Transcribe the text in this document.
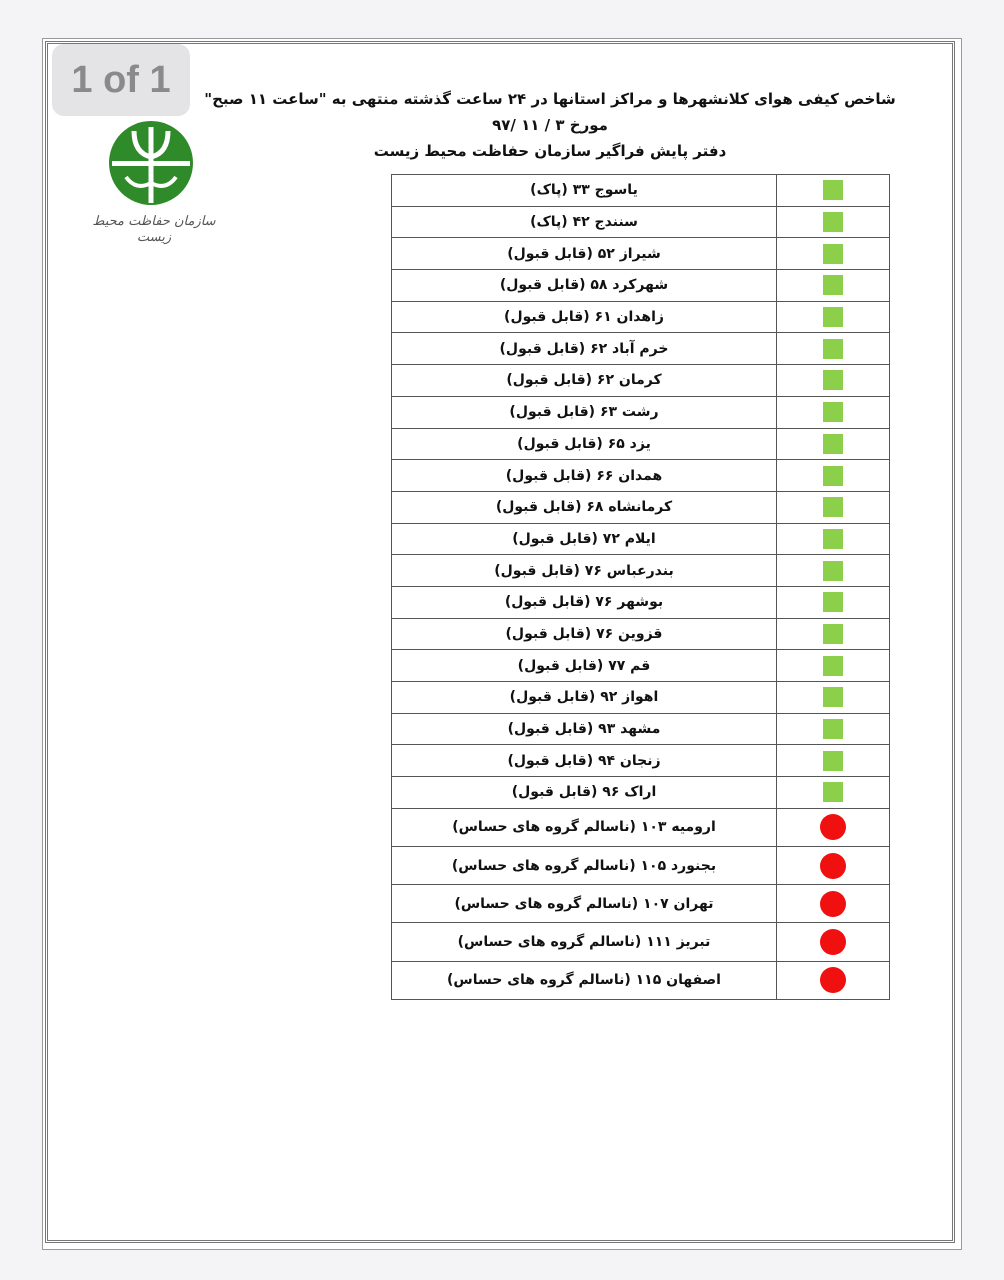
1 of 1
سازمان حفاظت محیط زیست

شاخص کیفی هوای کلانشهرها و مراکز استانها در ۲۴ ساعت گذشته منتهی به "ساعت ۱۱ صبح"

مورخ ۳ / ۱۱ /۹۷

دفتر پایش فراگیر سازمان حفاظت محیط زیست

یاسوج ۳۳ (پاک)	
سنندج ۴۲ (پاک)	
شیراز ۵۲ (قابل قبول)	
شهرکرد ۵۸ (قابل قبول)	
زاهدان ۶۱ (قابل قبول)	
خرم آباد ۶۲ (قابل قبول)	
کرمان ۶۲ (قابل قبول)	
رشت ۶۳ (قابل قبول)	
یزد ۶۵ (قابل قبول)	
همدان ۶۶ (قابل قبول)	
کرمانشاه ۶۸ (قابل قبول)	
ایلام ۷۲ (قابل قبول)	
بندرعباس ۷۶ (قابل قبول)	
بوشهر ۷۶ (قابل قبول)	
قزوین ۷۶ (قابل قبول)	
قم ۷۷ (قابل قبول)	
اهواز ۹۲ (قابل قبول)	
مشهد ۹۳ (قابل قبول)	
زنجان ۹۴ (قابل قبول)	
اراک ۹۶ (قابل قبول)	
ارومیه ۱۰۳ (ناسالم گروه های حساس)	
بجنورد ۱۰۵ (ناسالم گروه های حساس)	
تهران ۱۰۷ (ناسالم گروه های حساس)	
تبریز ۱۱۱ (ناسالم گروه های حساس)	
اصفهان ۱۱۵ (ناسالم گروه های حساس)	
